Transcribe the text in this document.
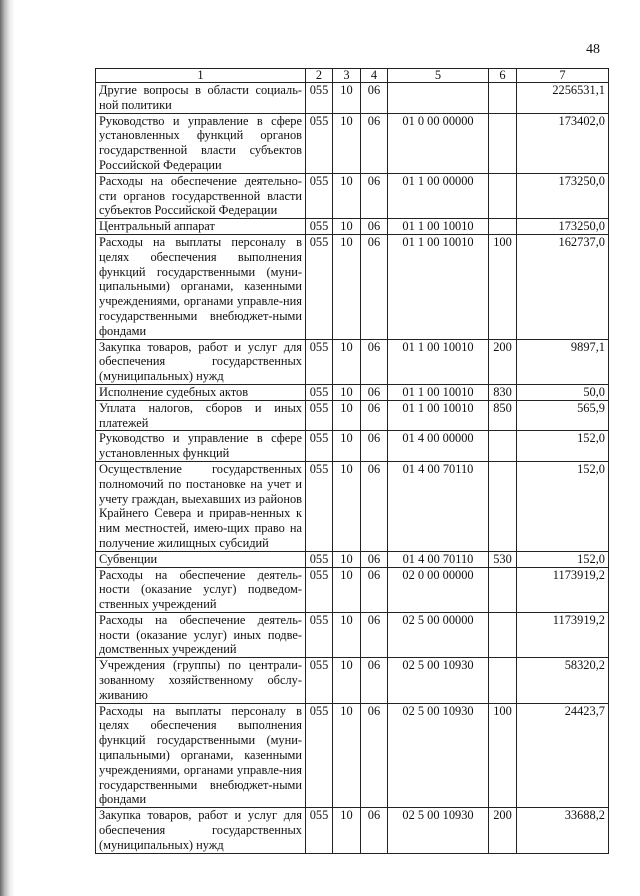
48
1	2	3	4	5	6	7
Другие вопросы в области социаль-ной политики	055	10	06			2256531,1
Руководство и управление в сфере установленных функций органов государственной власти субъектов Российской Федерации	055	10	06	01 0 00 00000		173402,0
Расходы на обеспечение деятельно-сти органов государственной власти субъектов Российской Федерации	055	10	06	01 1 00 00000		173250,0
Центральный аппарат	055	10	06	01 1 00 10010		173250,0
Расходы на выплаты персоналу в целях обеспечения выполнения функций государственными (муни-ципальными) органами, казенными учреждениями, органами управле-ния государственными внебюджет-ными фондами	055	10	06	01 1 00 10010	100	162737,0
Закупка товаров, работ и услуг для обеспечения государственных (муниципальных) нужд	055	10	06	01 1 00 10010	200	9897,1
Исполнение судебных актов	055	10	06	01 1 00 10010	830	50,0
Уплата налогов, сборов и иных платежей	055	10	06	01 1 00 10010	850	565,9
Руководство и управление в сфере установленных функций	055	10	06	01 4 00 00000		152,0
Осуществление государственных полномочий по постановке на учет и учету граждан, выехавших из районов Крайнего Севера и прирав-ненных к ним местностей, имею-щих право на получение жилищных субсидий	055	10	06	01 4 00 70110		152,0
Субвенции	055	10	06	01 4 00 70110	530	152,0
Расходы на обеспечение деятель-ности (оказание услуг) подведом-ственных учреждений	055	10	06	02 0 00 00000		1173919,2
Расходы на обеспечение деятель-ности (оказание услуг) иных подве-домственных учреждений	055	10	06	02 5 00 00000		1173919,2
Учреждения (группы) по централи-зованному хозяйственному обслу-живанию	055	10	06	02 5 00 10930		58320,2
Расходы на выплаты персоналу в целях обеспечения выполнения функций государственными (муни-ципальными) органами, казенными учреждениями, органами управле-ния государственными внебюджет-ными фондами	055	10	06	02 5 00 10930	100	24423,7
Закупка товаров, работ и услуг для обеспечения государственных (муниципальных) нужд	055	10	06	02 5 00 10930	200	33688,2
